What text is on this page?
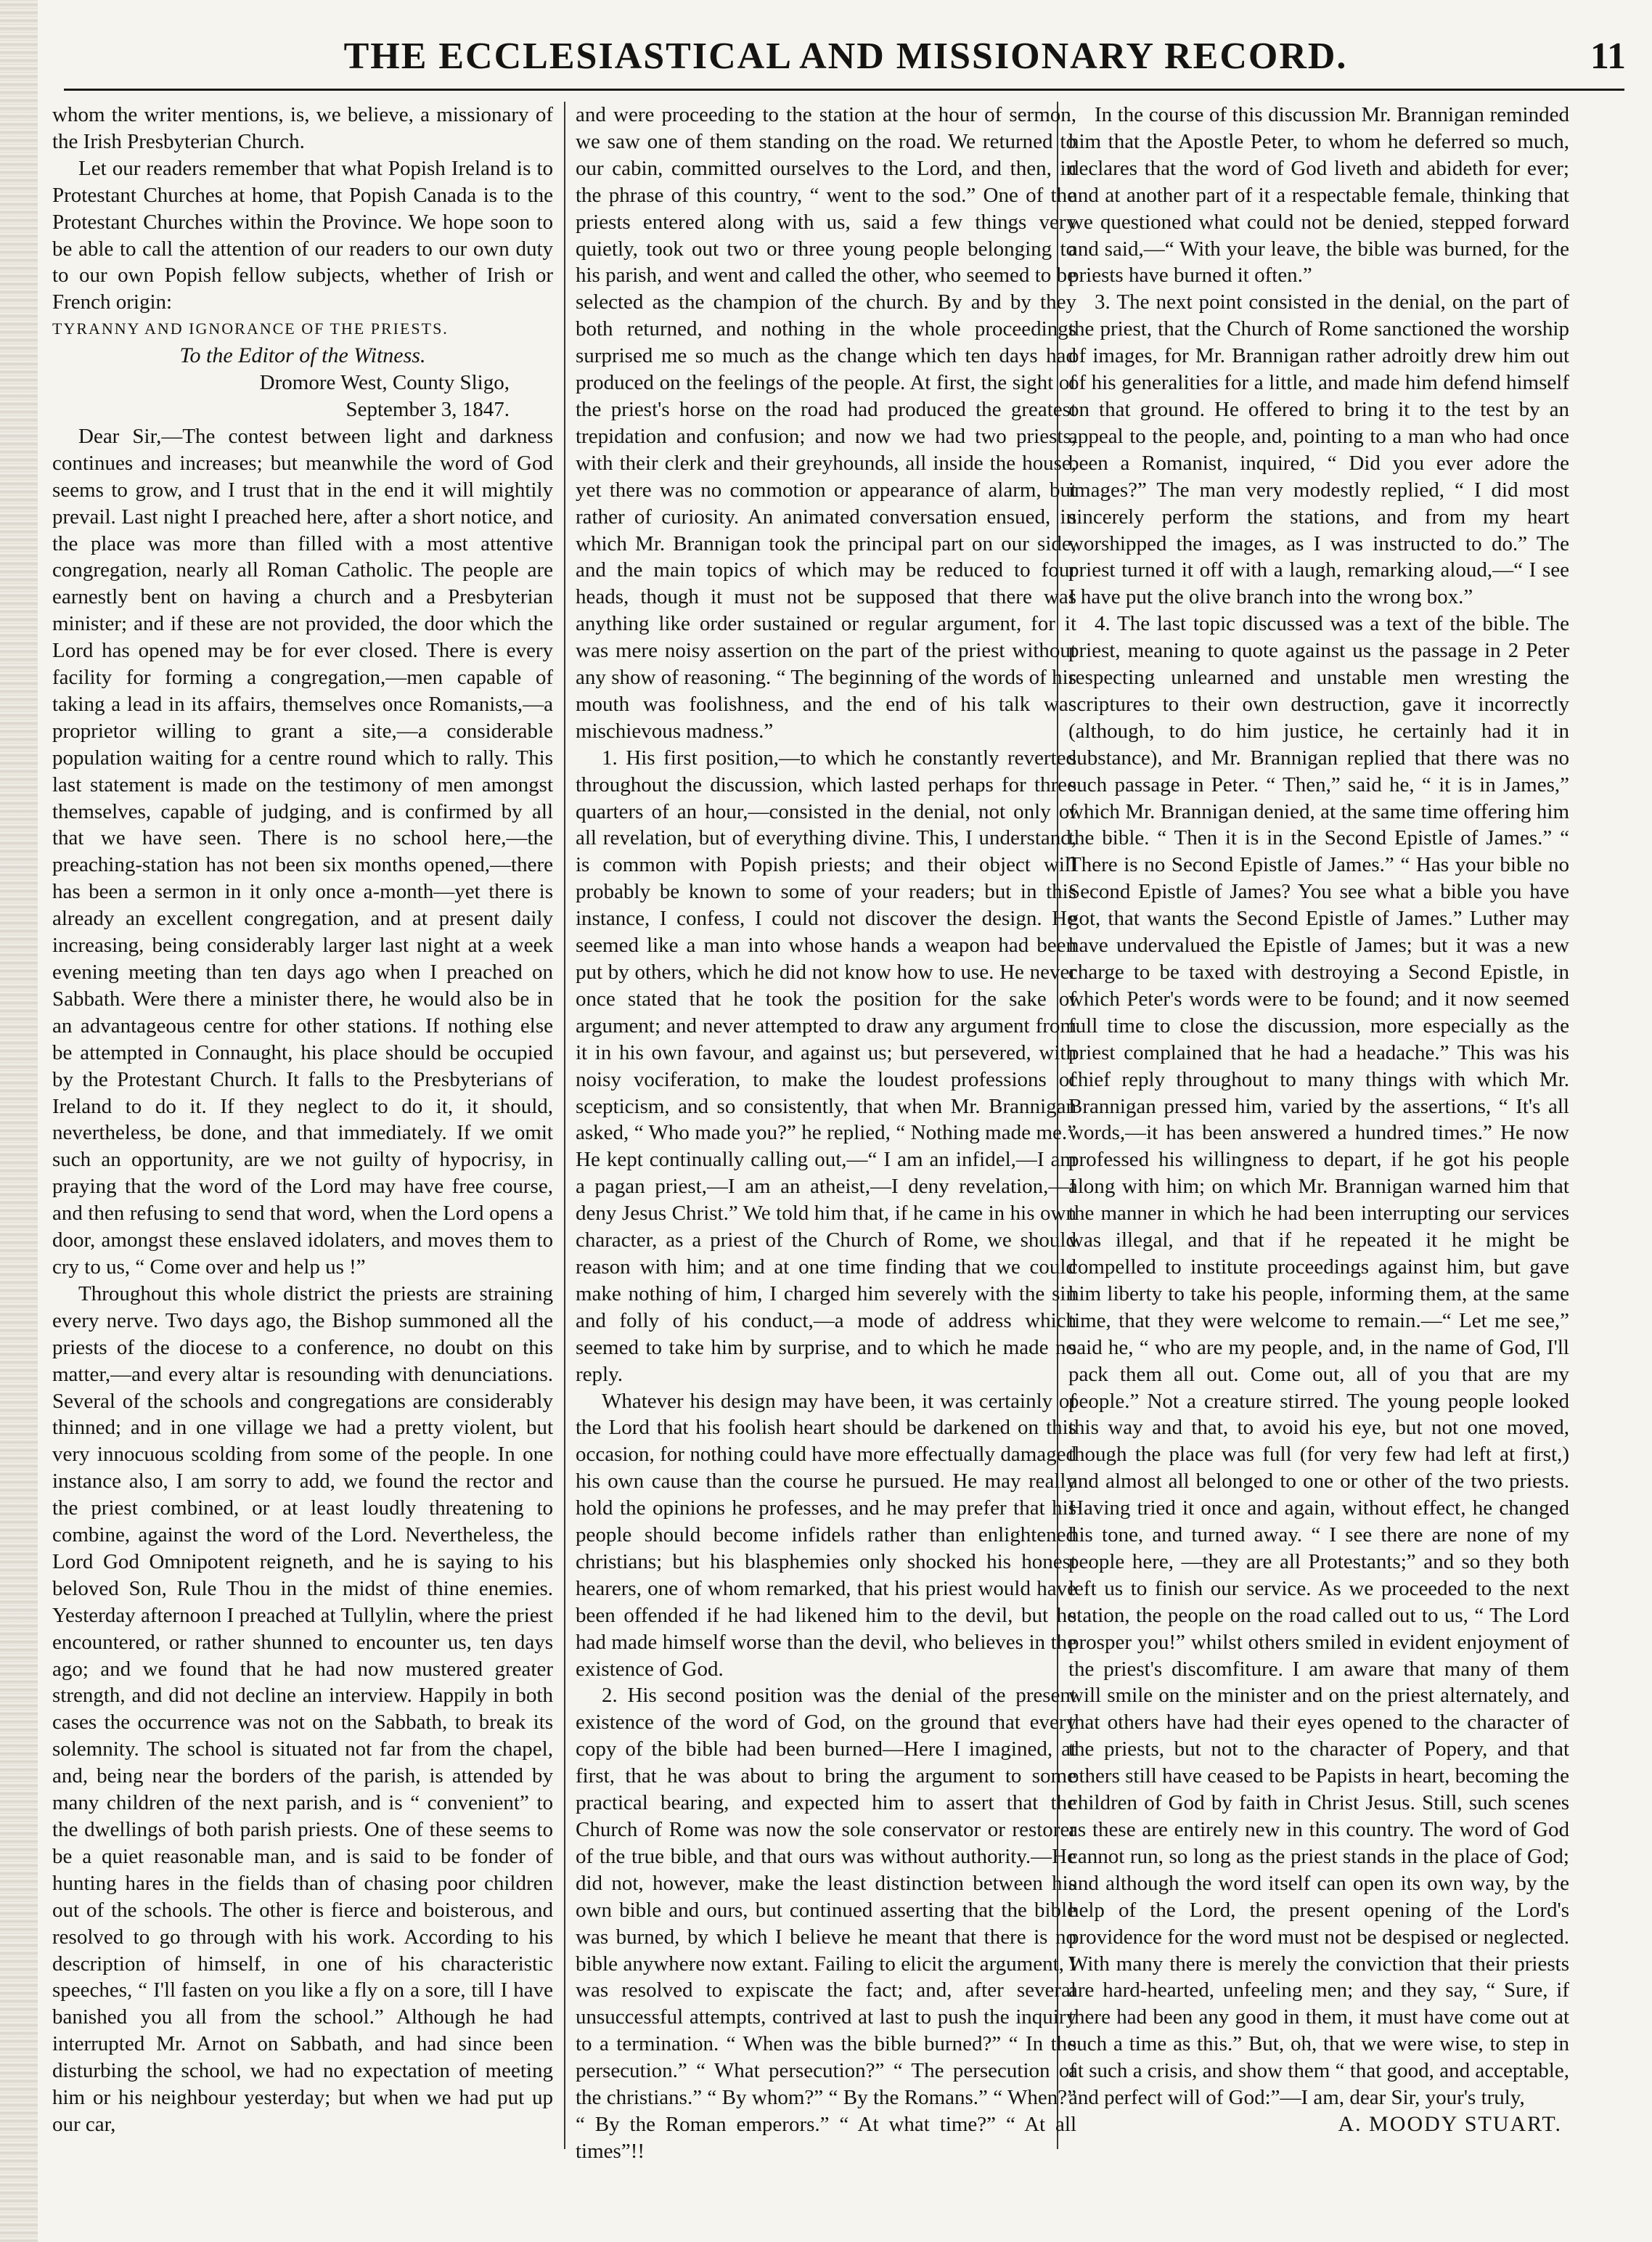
THE ECCLESIASTICAL AND MISSIONARY RECORD.	11

whom the writer mentions, is, we believe, a missionary of the Irish Presbyterian Church.

Let our readers remember that what Popish Ireland is to Protestant Churches at home, that Popish Canada is to the Protestant Churches within the Province. We hope soon to be able to call the attention of our readers to our own duty to our own Popish fellow subjects, whether of Irish or French origin:

TYRANNY AND IGNORANCE OF THE PRIESTS.

To the Editor of the Witness.

Dromore West, County Sligo,

September 3, 1847.

Dear Sir,—The contest between light and darkness continues and increases; but meanwhile the word of God seems to grow, and I trust that in the end it will mightily prevail. Last night I preached here, after a short notice, and the place was more than filled with a most attentive congregation, nearly all Roman Catholic. The people are earnestly bent on having a church and a Presbyterian minister; and if these are not provided, the door which the Lord has opened may be for ever closed. There is every facility for forming a congregation,—men capable of taking a lead in its affairs, themselves once Romanists,—a proprietor willing to grant a site,—a considerable population waiting for a centre round which to rally. This last statement is made on the testimony of men amongst themselves, capable of judging, and is confirmed by all that we have seen. There is no school here,—the preaching-station has not been six months opened,—there has been a sermon in it only once a-month—yet there is already an excellent congregation, and at present daily increasing, being considerably larger last night at a week evening meeting than ten days ago when I preached on Sabbath. Were there a minister there, he would also be in an advantageous centre for other stations. If nothing else be attempted in Connaught, his place should be occupied by the Protestant Church. It falls to the Presbyterians of Ireland to do it. If they neglect to do it, it should, nevertheless, be done, and that immediately. If we omit such an opportunity, are we not guilty of hypocrisy, in praying that the word of the Lord may have free course, and then refusing to send that word, when the Lord opens a door, amongst these enslaved idolaters, and moves them to cry to us, “ Come over and help us !”

Throughout this whole district the priests are straining every nerve. Two days ago, the Bishop summoned all the priests of the diocese to a conference, no doubt on this matter,—and every altar is resounding with denunciations. Several of the schools and congregations are considerably thinned; and in one village we had a pretty violent, but very innocuous scolding from some of the people. In one instance also, I am sorry to add, we found the rector and the priest combined, or at least loudly threatening to combine, against the word of the Lord. Nevertheless, the Lord God Omnipotent reigneth, and he is saying to his beloved Son, Rule Thou in the midst of thine enemies. Yesterday afternoon I preached at Tullylin, where the priest encountered, or rather shunned to encounter us, ten days ago; and we found that he had now mustered greater strength, and did not decline an interview. Happily in both cases the occurrence was not on the Sabbath, to break its solemnity. The school is situated not far from the chapel, and, being near the borders of the parish, is attended by many children of the next parish, and is “ convenient” to the dwellings of both parish priests. One of these seems to be a quiet reasonable man, and is said to be fonder of hunting hares in the fields than of chasing poor children out of the schools. The other is fierce and boisterous, and resolved to go through with his work. According to his description of himself, in one of his characteristic speeches, “ I'll fasten on you like a fly on a sore, till I have banished you all from the school.” Although he had interrupted Mr. Arnot on Sabbath, and had since been disturbing the school, we had no expectation of meeting him or his neighbour yesterday; but when we had put up our car,

and were proceeding to the station at the hour of sermon, we saw one of them standing on the road. We returned to our cabin, committed ourselves to the Lord, and then, in the phrase of this country, “ went to the sod.” One of the priests entered along with us, said a few things very quietly, took out two or three young people belonging to his parish, and went and called the other, who seemed to be selected as the champion of the church. By and by they both returned, and nothing in the whole proceedings surprised me so much as the change which ten days had produced on the feelings of the people. At first, the sight of the priest's horse on the road had produced the greatest trepidation and confusion; and now we had two priests, with their clerk and their greyhounds, all inside the house, yet there was no commotion or appearance of alarm, but rather of curiosity. An animated conversation ensued, in which Mr. Brannigan took the principal part on our side, and the main topics of which may be reduced to four heads, though it must not be supposed that there was anything like order sustained or regular argument, for it was mere noisy assertion on the part of the priest without any show of reasoning. “ The beginning of the words of his mouth was foolishness, and the end of his talk was mischievous madness.”

1. His first position,—to which he constantly reverted throughout the discussion, which lasted perhaps for three quarters of an hour,—consisted in the denial, not only of all revelation, but of everything divine. This, I understand, is common with Popish priests; and their object will probably be known to some of your readers; but in this instance, I confess, I could not discover the design. He seemed like a man into whose hands a weapon had been put by others, which he did not know how to use. He never once stated that he took the position for the sake of argument; and never attempted to draw any argument from it in his own favour, and against us; but persevered, with noisy vociferation, to make the loudest professions of scepticism, and so consistently, that when Mr. Brannigan asked, “ Who made you?” he replied, “ Nothing made me.” He kept continually calling out,—“ I am an infidel,—I am a pagan priest,—I am an atheist,—I deny revelation,—I deny Jesus Christ.” We told him that, if he came in his own character, as a priest of the Church of Rome, we should reason with him; and at one time finding that we could make nothing of him, I charged him severely with the sin and folly of his conduct,—a mode of address which seemed to take him by surprise, and to which he made no reply.

Whatever his design may have been, it was certainly of the Lord that his foolish heart should be darkened on this occasion, for nothing could have more effectually damaged his own cause than the course he pursued. He may really hold the opinions he professes, and he may prefer that his people should become infidels rather than enlightened christians; but his blasphemies only shocked his honest hearers, one of whom remarked, that his priest would have been offended if he had likened him to the devil, but he had made himself worse than the devil, who believes in the existence of God.

2. His second position was the denial of the present existence of the word of God, on the ground that every copy of the bible had been burned—Here I imagined, at first, that he was about to bring the argument to some practical bearing, and expected him to assert that the Church of Rome was now the sole conservator or restorer of the true bible, and that ours was without authority.—He did not, however, make the least distinction between his own bible and ours, but continued asserting that the bible was burned, by which I believe he meant that there is no bible anywhere now extant. Failing to elicit the argument, I was resolved to expiscate the fact; and, after several unsuccessful attempts, contrived at last to push the inquiry to a termination. “ When was the bible burned?” “ In the persecution.” “ What persecution?” “ The persecution of the christians.” “ By whom?” “ By the Romans.” “ When?” “ By the Roman emperors.” “ At what time?” “ At all times”!!

In the course of this discussion Mr. Brannigan reminded him that the Apostle Peter, to whom he deferred so much, declares that the word of God liveth and abideth for ever; and at another part of it a respectable female, thinking that we questioned what could not be denied, stepped forward and said,—“ With your leave, the bible was burned, for the priests have burned it often.”

3. The next point consisted in the denial, on the part of the priest, that the Church of Rome sanctioned the worship of images, for Mr. Brannigan rather adroitly drew him out of his generalities for a little, and made him defend himself on that ground. He offered to bring it to the test by an appeal to the people, and, pointing to a man who had once been a Romanist, inquired, “ Did you ever adore the images?” The man very modestly replied, “ I did most sincerely perform the stations, and from my heart worshipped the images, as I was instructed to do.” The priest turned it off with a laugh, remarking aloud,—“ I see I have put the olive branch into the wrong box.”

4. The last topic discussed was a text of the bible. The priest, meaning to quote against us the passage in 2 Peter respecting unlearned and unstable men wresting the scriptures to their own destruction, gave it incorrectly (although, to do him justice, he certainly had it in substance), and Mr. Brannigan replied that there was no such passage in Peter. “ Then,” said he, “ it is in James,” which Mr. Brannigan denied, at the same time offering him the bible. “ Then it is in the Second Epistle of James.” “ There is no Second Epistle of James.” “ Has your bible no Second Epistle of James? You see what a bible you have got, that wants the Second Epistle of James.” Luther may have undervalued the Epistle of James; but it was a new charge to be taxed with destroying a Second Epistle, in which Peter's words were to be found; and it now seemed full time to close the discussion, more especially as the priest complained that he had a headache.” This was his chief reply throughout to many things with which Mr. Brannigan pressed him, varied by the assertions, “ It's all words,—it has been answered a hundred times.” He now professed his willingness to depart, if he got his people along with him; on which Mr. Brannigan warned him that the manner in which he had been interrupting our services was illegal, and that if he repeated it he might be compelled to institute proceedings against him, but gave him liberty to take his people, informing them, at the same time, that they were welcome to remain.—“ Let me see,” said he, “ who are my people, and, in the name of God, I'll pack them all out. Come out, all of you that are my people.” Not a creature stirred. The young people looked this way and that, to avoid his eye, but not one moved, though the place was full (for very few had left at first,) and almost all belonged to one or other of the two priests. Having tried it once and again, without effect, he changed his tone, and turned away. “ I see there are none of my people here, —they are all Protestants;” and so they both left us to finish our service. As we proceeded to the next station, the people on the road called out to us, “ The Lord prosper you!” whilst others smiled in evident enjoyment of the priest's discomfiture. I am aware that many of them will smile on the minister and on the priest alternately, and that others have had their eyes opened to the character of the priests, but not to the character of Popery, and that others still have ceased to be Papists in heart, becoming the children of God by faith in Christ Jesus. Still, such scenes as these are entirely new in this country. The word of God cannot run, so long as the priest stands in the place of God; and although the word itself can open its own way, by the help of the Lord, the present opening of the Lord's providence for the word must not be despised or neglected. With many there is merely the conviction that their priests are hard-hearted, unfeeling men; and they say, “ Sure, if there had been any good in them, it must have come out at such a time as this.” But, oh, that we were wise, to step in at such a crisis, and show them “ that good, and acceptable, and perfect will of God:”—I am, dear Sir, your's truly,

A. MOODY STUART.
